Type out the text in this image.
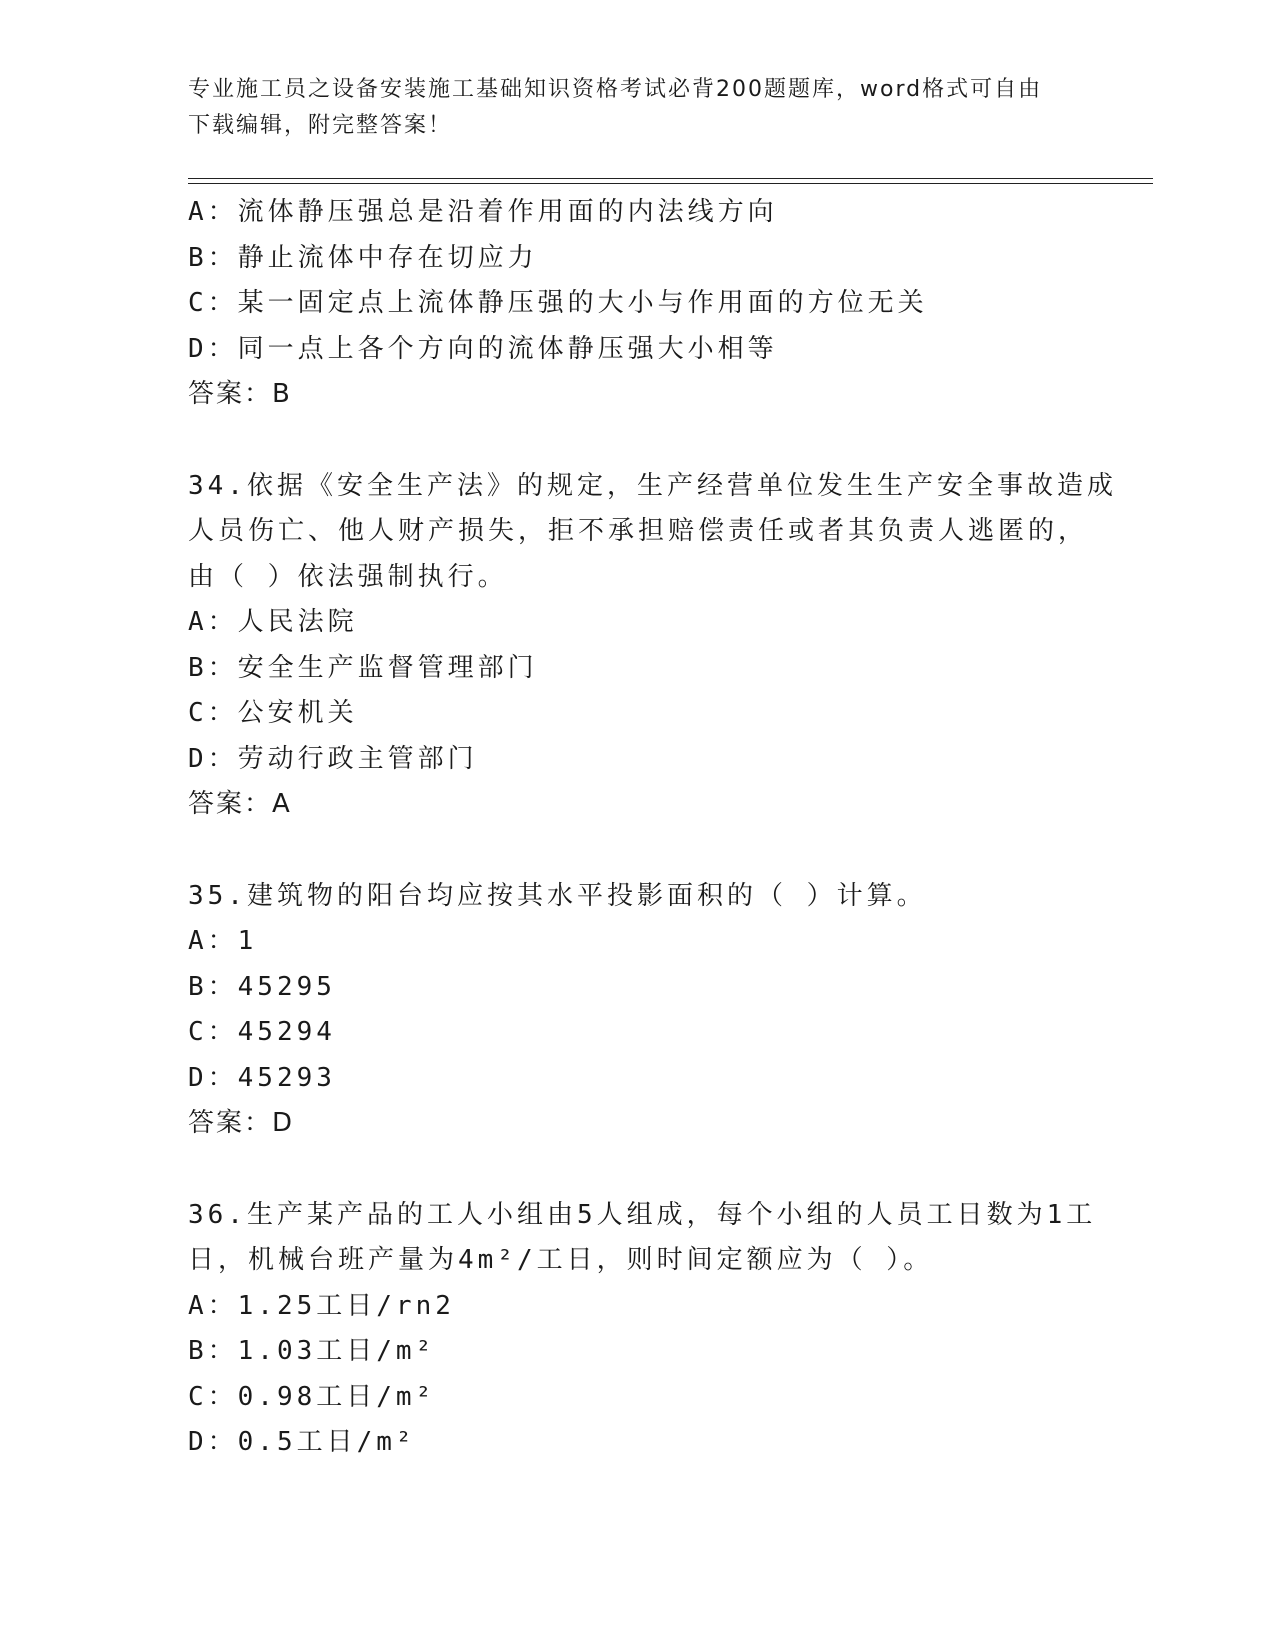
专业施工员之设备安装施工基础知识资格考试必背200题题库，word格式可自由
下载编辑，附完整答案！
A：流体静压强总是沿着作用面的内法线方向
B：静止流体中存在切应力
C：某一固定点上流体静压强的大小与作用面的方位无关
D：同一点上各个方向的流体静压强大小相等
答案：B
34.依据《安全生产法》的规定，生产经营单位发生生产安全事故造成
人员伤亡、他人财产损失，拒不承担赔偿责任或者其负责人逃匿的，
由（ ）依法强制执行。
A：人民法院
B：安全生产监督管理部门
C：公安机关
D：劳动行政主管部门
答案：A
35.建筑物的阳台均应按其水平投影面积的（ ）计算。
A：1
B：45295
C：45294
D：45293
答案：D
36.生产某产品的工人小组由5人组成，每个小组的人员工日数为1工
日，机械台班产量为4m²/工日，则时间定额应为（ ）。
A：1.25工日/rn2
B：1.03工日/m²
C：0.98工日/m²
D：0.5工日/m²
